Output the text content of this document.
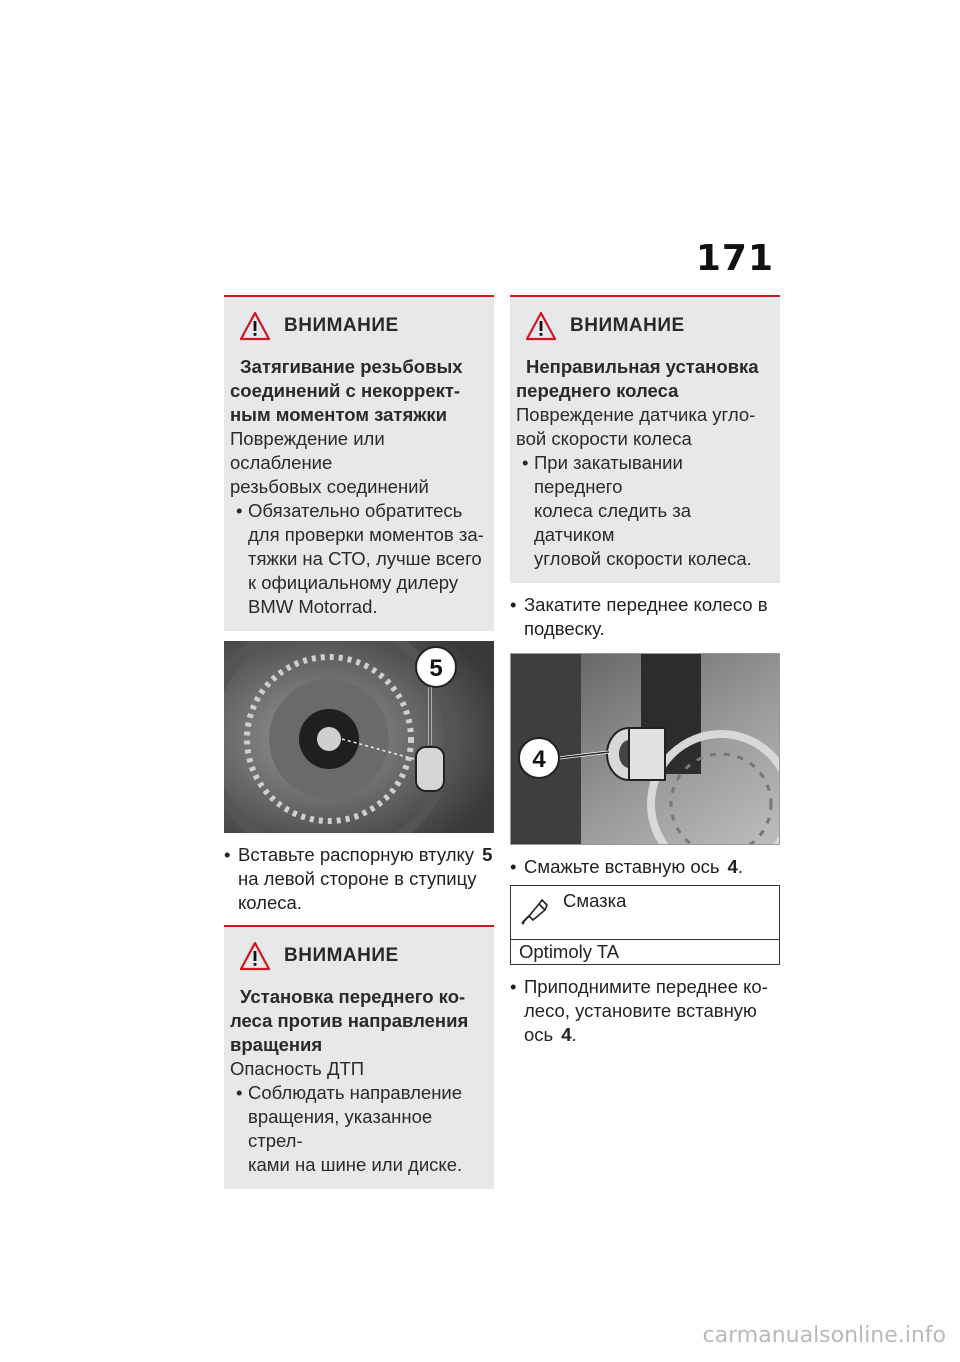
171
ВНИМАНИЕ
Затягивание резьбовых
соединений с некоррект-
ным моментом затяжки
Повреждение или ослабление
резьбовых соединений
• Обязательно обратитесь
для проверки моментов за-
тяжки на СТО, лучше всего
к официальному дилеру
BMW Motorrad.
5
• Вставьте распорную втулку 5
на левой стороне в ступицу
колеса.
ВНИМАНИЕ
Установка переднего ко-
леса против направления
вращения
Опасность ДТП
• Соблюдать направление
вращения, указанное стрел-
ками на шине или диске.
ВНИМАНИЕ
Неправильная установка
переднего колеса
Повреждение датчика угло-
вой скорости колеса
• При закатывании переднего
колеса следить за датчиком
угловой скорости колеса.
• Закатите переднее колесо в
подвеску.
4
• Смажьте вставную ось 4.
Смазка
Optimoly TA
• Приподнимите переднее ко-
лесо, установите вставную
ось 4.
carmanualsonline.info
